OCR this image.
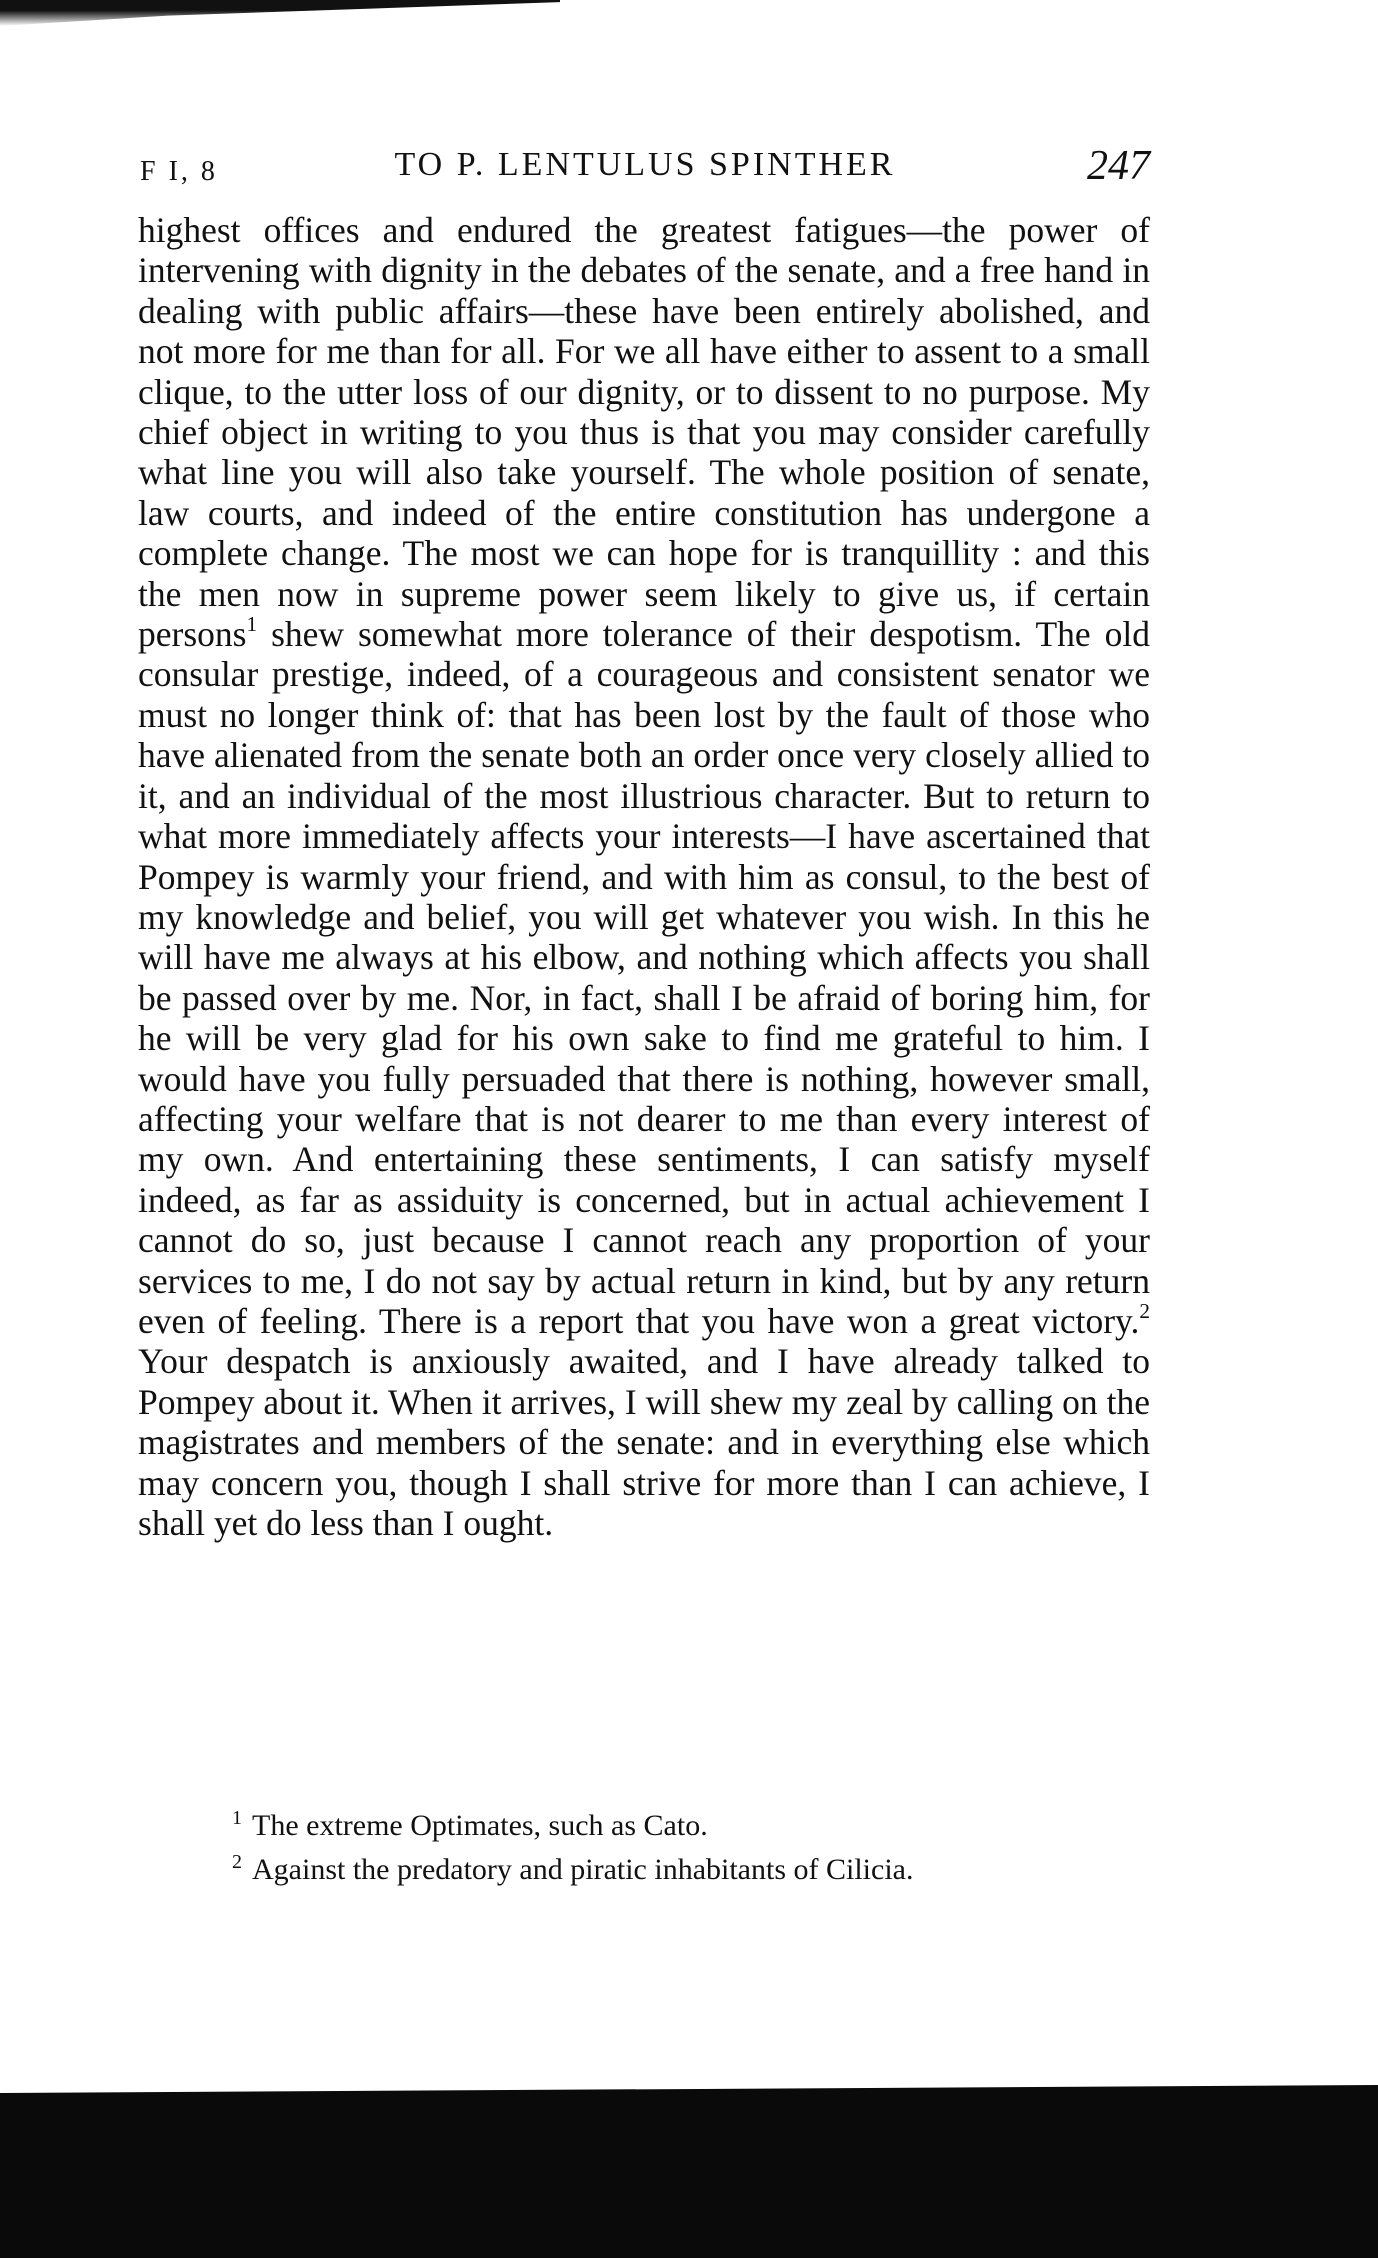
F I, 8	TO P. LENTULUS SPINTHER	247

highest offices and endured the greatest fatigues—the power of intervening with dignity in the debates of the senate, and a free hand in dealing with public affairs—these have been entirely abolished, and not more for me than for all. For we all have either to assent to a small clique, to the utter loss of our dignity, or to dissent to no purpose. My chief object in writing to you thus is that you may consider carefully what line you will also take yourself. The whole position of senate, law courts, and indeed of the entire constitution has undergone a complete change. The most we can hope for is tranquillity : and this the men now in supreme power seem likely to give us, if certain persons$^1$ shew somewhat more tolerance of their despotism. The old consular prestige, indeed, of a courageous and consistent senator we must no longer think of: that has been lost by the fault of those who have alienated from the senate both an order once very closely allied to it, and an individual of the most illustrious character. But to return to what more immediately affects your interests—I have ascertained that Pompey is warmly your friend, and with him as consul, to the best of my knowledge and belief, you will get whatever you wish. In this he will have me always at his elbow, and nothing which affects you shall be passed over by me. Nor, in fact, shall I be afraid of boring him, for he will be very glad for his own sake to find me grateful to him. I would have you fully persuaded that there is nothing, however small, affecting your welfare that is not dearer to me than every interest of my own. And entertaining these sentiments, I can satisfy myself indeed, as far as assiduity is concerned, but in actual achievement I cannot do so, just because I cannot reach any proportion of your services to me, I do not say by actual return in kind, but by any return even of feeling. There is a report that you have won a great victory.$^2$ Your despatch is anxiously awaited, and I have already talked to Pompey about it. When it arrives, I will shew my zeal by calling on the magistrates and members of the senate: and in everything else which may concern you, though I shall strive for more than I can achieve, I shall yet do less than I ought.

$^1$ The extreme Optimates, such as Cato.
$^2$ Against the predatory and piratic inhabitants of Cilicia.
